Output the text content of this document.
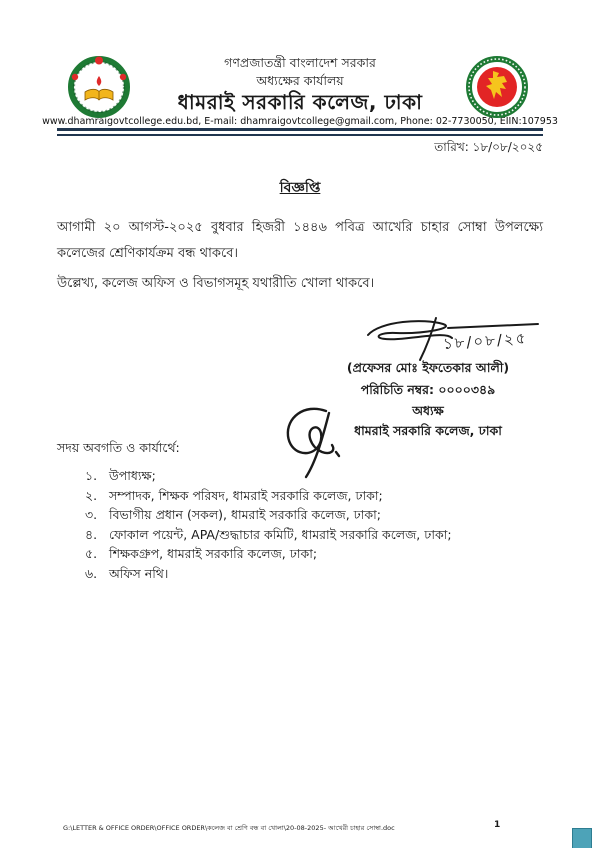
গণপ্রজাতন্ত্রী বাংলাদেশ সরকার
অধ্যক্ষের কার্যালয়
ধামরাই সরকারি কলেজ, ঢাকা
www.dhamraigovtcollege.edu.bd, E-mail: dhamraigovtcollege@gmail.com, Phone: 02-7730050, EIIN:107953
তারিখ: ১৮/০৮/২০২৫
বিজ্ঞপ্তি
আগামী ২০ আগস্ট-২০২৫ বুধবার হিজরী ১৪৪৬ পবিত্র আখেরি চাহার সোম্বা উপলক্ষ্যে কলেজের শ্রেণিকার্যক্রম বন্ধ থাকবে।
উল্লেখ্য, কলেজ অফিস ও বিভাগসমূহ যথারীতি খোলা থাকবে।
১৮/০৮/২৫
(প্রফেসর মোঃ ইফতেকার আলী)
পরিচিতি নম্বর: ০০০০৩৪৯
অধ্যক্ষ
ধামরাই সরকারি কলেজ, ঢাকা
সদয় অবগতি ও কার্যার্থে:
১. উপাধ্যক্ষ;
২. সম্পাদক, শিক্ষক পরিষদ, ধামরাই সরকারি কলেজ, ঢাকা;
৩. বিভাগীয় প্রধান (সকল), ধামরাই সরকারি কলেজ, ঢাকা;
৪. ফোকাল পয়েন্ট, APA/শুদ্ধাচার কমিটি, ধামরাই সরকারি কলেজ, ঢাকা;
৫. শিক্ষকগ্রুপ, ধামরাই সরকারি কলেজ, ঢাকা;
৬. অফিস নথি।
G:\LETTER & OFFICE ORDER\OFFICE ORDER\কলেজ বা শ্রেণি বন্ধ বা খোলা\20-08-2025- আখেরী চাহার সোম্বা.doc	1
